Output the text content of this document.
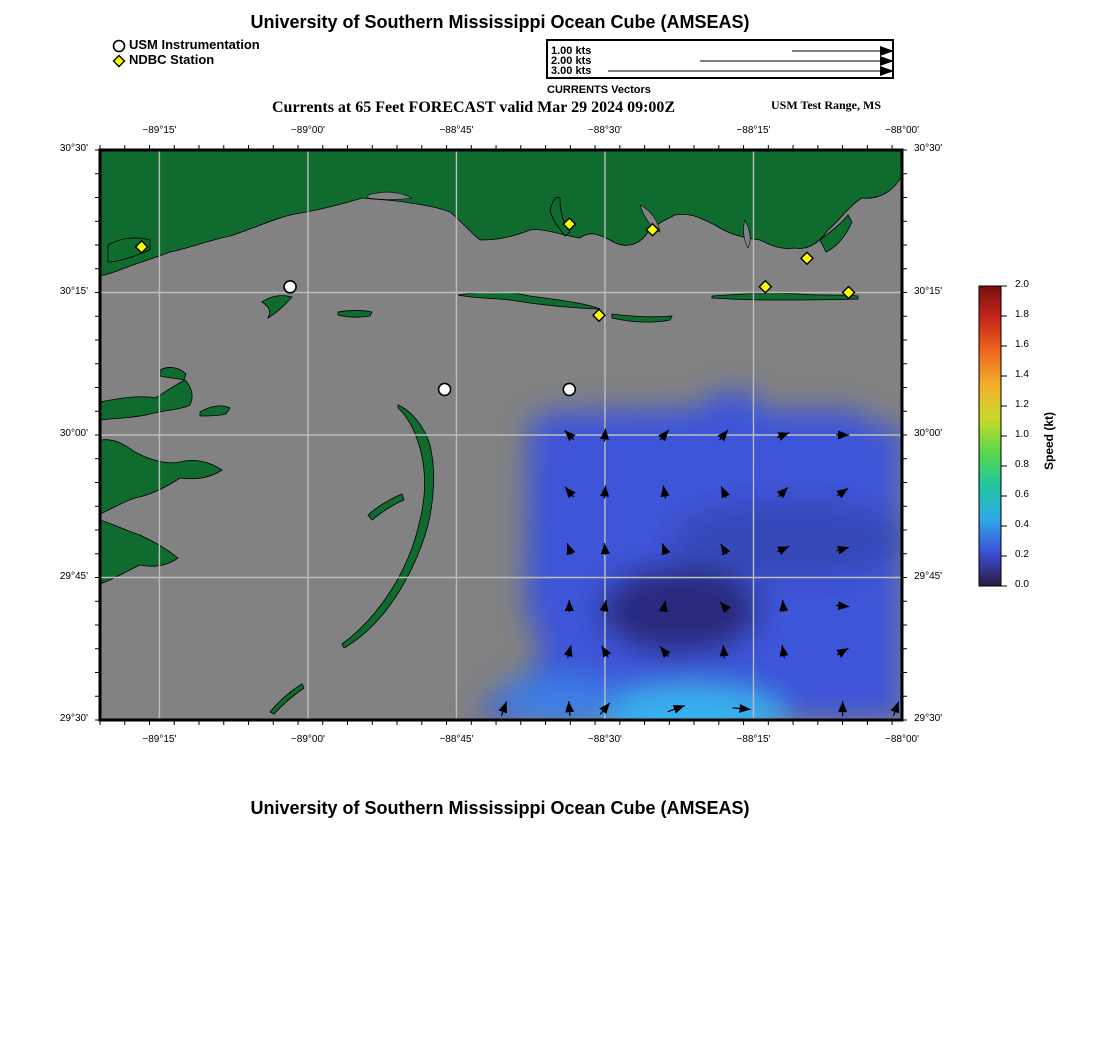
University of Southern Mississippi Ocean Cube (AMSEAS)
USM Instrumentation
NDBC Station
1.00 kts
2.00 kts
3.00 kts
CURRENTS Vectors
Currents at 65 Feet FORECAST valid Mar 29 2024 09:00Z	USM Test Range, MS
−89°15'
−89°15'
−89°00'
−89°00'
−88°45'
−88°45'
−88°30'
−88°30'
−88°15'
−88°15'
−88°00'
−88°00'
30°30'	30°30'
30°15'	30°15'
30°00'	30°00'
29°45'	29°45'
29°30'	29°30'
2.0
1.8
1.6
1.4
1.2
1.0
0.8
0.6
0.4
0.2
0.0
Speed (kt)
University of Southern Mississippi Ocean Cube (AMSEAS)
